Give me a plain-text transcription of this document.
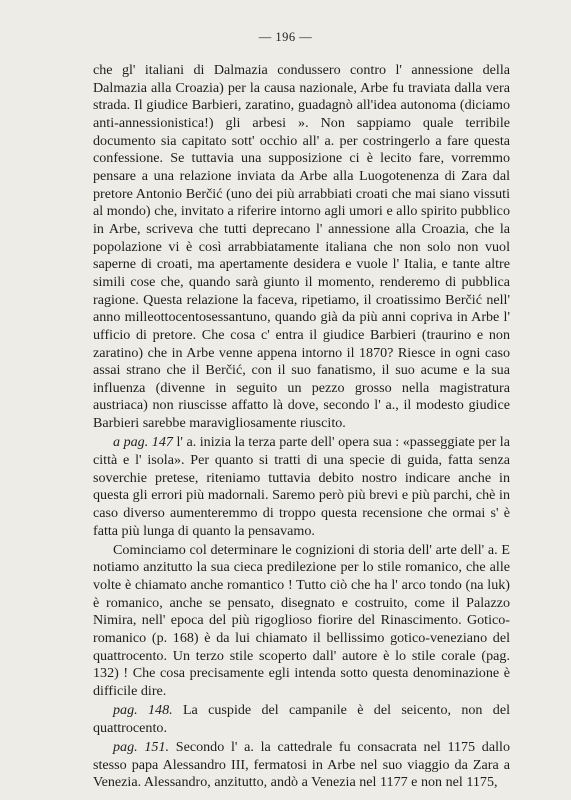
— 196 —

che gl' italiani di Dalmazia condussero contro l' annessione della Dalmazia alla Croazia) per la causa nazionale, Arbe fu traviata dalla vera strada. Il giudice Barbieri, zaratino, guadagnò all'idea autonoma (diciamo anti-annessionistica!) gli arbesi ». Non sappiamo quale terribile documento sia capitato sott' occhio all' a. per costringerlo a fare questa confessione. Se tuttavia una supposizione ci è lecito fare, vorremmo pensare a una relazione inviata da Arbe alla Luogotenenza di Zara dal pretore Antonio Berčić (uno dei più arrabbiati croati che mai siano vissuti al mondo) che, invitato a riferire intorno agli umori e allo spirito pubblico in Arbe, scriveva che tutti deprecano l' annessione alla Croazia, che la popolazione vi è così arrabbiatamente italiana che non solo non vuol saperne di croati, ma apertamente desidera e vuole l' Italia, e tante altre simili cose che, quando sarà giunto il momento, renderemo di pubblica ragione. Questa relazione la faceva, ripetiamo, il croatissimo Berčić nell' anno milleottocentosessantuno, quando già da più anni copriva in Arbe l' ufficio di pretore. Che cosa c' entra il giudice Barbieri (traurino e non zaratino) che in Arbe venne appena intorno il 1870? Riesce in ogni caso assai strano che il Berčić, con il suo fanatismo, il suo acume e la sua influenza (divenne in seguito un pezzo grosso nella magistratura austriaca) non riuscisse affatto là dove, secondo l' a., il modesto giudice Barbieri sarebbe maravigliosamente riuscito.

a pag. 147 l' a. inizia la terza parte dell' opera sua : «passeggiate per la città e l' isola». Per quanto si tratti di una specie di guida, fatta senza soverchie pretese, riteniamo tuttavia debito nostro indicare anche in questa gli errori più madornali. Saremo però più brevi e più parchi, chè in caso diverso aumenteremmo di troppo questa recensione che ormai s' è fatta più lunga di quanto la pensavamo.

Cominciamo col determinare le cognizioni di storia dell' arte dell' a. E notiamo anzitutto la sua cieca predilezione per lo stile romanico, che alle volte è chiamato anche romantico ! Tutto ciò che ha l' arco tondo (na luk) è romanico, anche se pensato, disegnato e costruito, come il Palazzo Nimira, nell' epoca del più rigoglioso fiorire del Rinascimento. Gotico-romanico (p. 168) è da lui chiamato il bellissimo gotico-veneziano del quattrocento. Un terzo stile scoperto dall' autore è lo stile corale (pag. 132) ! Che cosa precisamente egli intenda sotto questa denominazione è difficile dire.

pag. 148. La cuspide del campanile è del seicento, non del quattrocento.

pag. 151. Secondo l' a. la cattedrale fu consacrata nel 1175 dallo stesso papa Alessandro III, fermatosi in Arbe nel suo viaggio da Zara a Venezia. Alessandro, anzitutto, andò a Venezia nel 1177 e non nel 1175,
